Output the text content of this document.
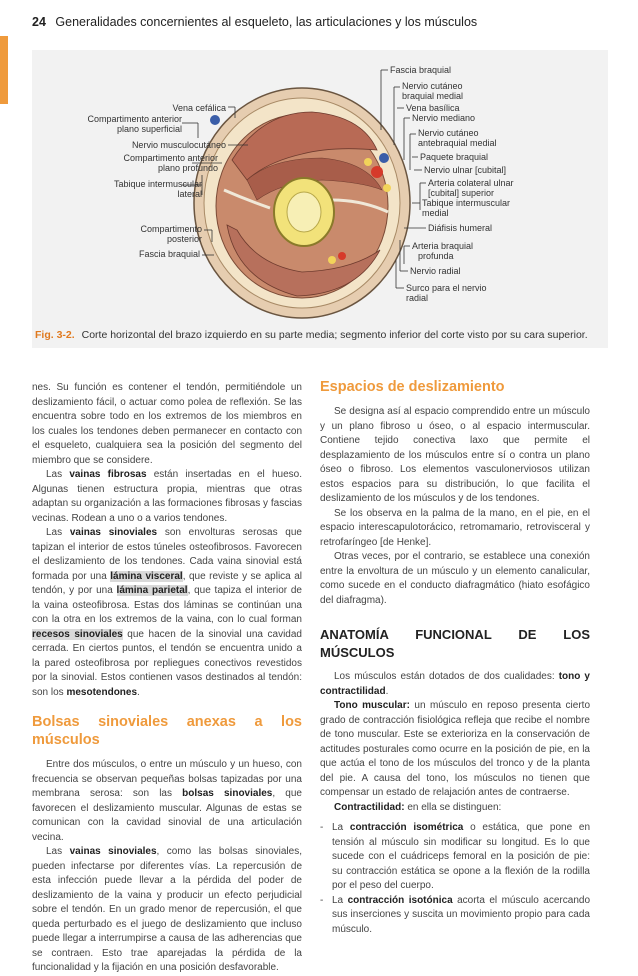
24 Generalidades concernientes al esqueleto, las articulaciones y los músculos
Vena cefálica
Compartimento anterior
plano superficial
Nervio musculocutáneo
Compartimento anterior
plano profundo
Tabique intermuscular
lateral
Compartimento
posterior
Fascia braquial
Fascia braquial
Nervio cutáneo
braquial medial
Vena basílica
Nervio mediano
Nervio cutáneo
antebraquial medial
Paquete braquial
Nervio ulnar [cubital]
Arteria colateral ulnar
[cubital] superior
Tabique intermuscular
medial
Diáfisis humeral
Arteria braquial
profunda
Nervio radial
Surco para el nervio
radial
Fig. 3-2. Corte horizontal del brazo izquierdo en su parte media; segmento inferior del corte visto por su cara superior.

nes. Su función es contener el tendón, permitiéndole un deslizamiento fácil, o actuar como polea de reflexión. Se las encuentra sobre todo en los extremos de los miembros en los cuales los tendones deben permanecer en contacto con el esqueleto, cualquiera sea la posición del segmento del miembro que se considere.

Las vainas fibrosas están insertadas en el hueso. Algunas tienen estructura propia, mientras que otras adaptan su organización a las formaciones fibrosas y fascias vecinas. Rodean a uno o a varios tendones.

Las vainas sinoviales son envolturas serosas que tapizan el interior de estos túneles osteofibrosos. Favorecen el deslizamiento de los tendones. Cada vaina sinovial está formada por una lámina visceral, que reviste y se aplica al tendón, y por una lámina parietal, que tapiza el interior de la vaina osteofibrosa. Estas dos láminas se continúan una con la otra en los extremos de la vaina, con lo cual forman recesos sinoviales que hacen de la sinovial una cavidad cerrada. En ciertos puntos, el tendón se encuentra unido a la pared osteofibrosa por repliegues conectivos revestidos por la sinovial. Estos contienen vasos destinados al tendón: son los mesotendones.

Bolsas sinoviales anexas a los músculos

Entre dos músculos, o entre un músculo y un hueso, con frecuencia se observan pequeñas bolsas tapizadas por una membrana serosa: son las bolsas sinoviales, que favorecen el deslizamiento muscular. Algunas de estas se comunican con la cavidad sinovial de una articulación vecina.

Las vainas sinoviales, como las bolsas sinoviales, pueden infectarse por diferentes vías. La repercusión de esta infección puede llevar a la pérdida del poder de deslizamiento de la vaina y producir un efecto perjudicial sobre el tendón. En un grado menor de repercusión, el que queda perturbado es el juego de deslizamiento que incluso puede llegar a interrumpirse a causa de las adherencias que se contraen. Esto trae aparejadas la pérdida de la funcionalidad y la fijación en una posición desfavorable.

Espacios de deslizamiento

Se designa así al espacio comprendido entre un músculo y un plano fibroso u óseo, o al espacio intermuscular. Contiene tejido conectiva laxo que permite el desplazamiento de los músculos entre sí o contra un plano óseo o fibroso. Los elementos vasculonerviosos utilizan estos espacios para su distribución, lo que facilita el deslizamiento de los músculos y de los tendones.

Se los observa en la palma de la mano, en el pie, en el espacio interescapulotorácico, retromamario, retrovisceral y retrofaríngeo [de Henke].

Otras veces, por el contrario, se establece una conexión entre la envoltura de un músculo y un elemento canalicular, como sucede en el conducto diafragmático (hiato esofágico del diafragma).

ANATOMÍA FUNCIONAL DE LOS MÚSCULOS

Los músculos están dotados de dos cualidades: tono y contractilidad.

Tono muscular: un músculo en reposo presenta cierto grado de contracción fisiológica refleja que recibe el nombre de tono muscular. Este se exterioriza en la conservación de actitudes posturales como ocurre en la posición de pie, en la que actúa el tono de los músculos del tronco y de la planta del pie. A causa del tono, los músculos no tienen que compensar un estado de relajación antes de contraerse.

Contractilidad: en ella se distinguen:

- La contracción isométrica o estática, que pone en tensión al músculo sin modificar su longitud. Es lo que sucede con el cuádriceps femoral en la posición de pie: su contracción estática se opone a la flexión de la rodilla por el peso del cuerpo.
- La contracción isotónica acorta el músculo acercando sus inserciones y suscita un movimiento propio para cada músculo.
